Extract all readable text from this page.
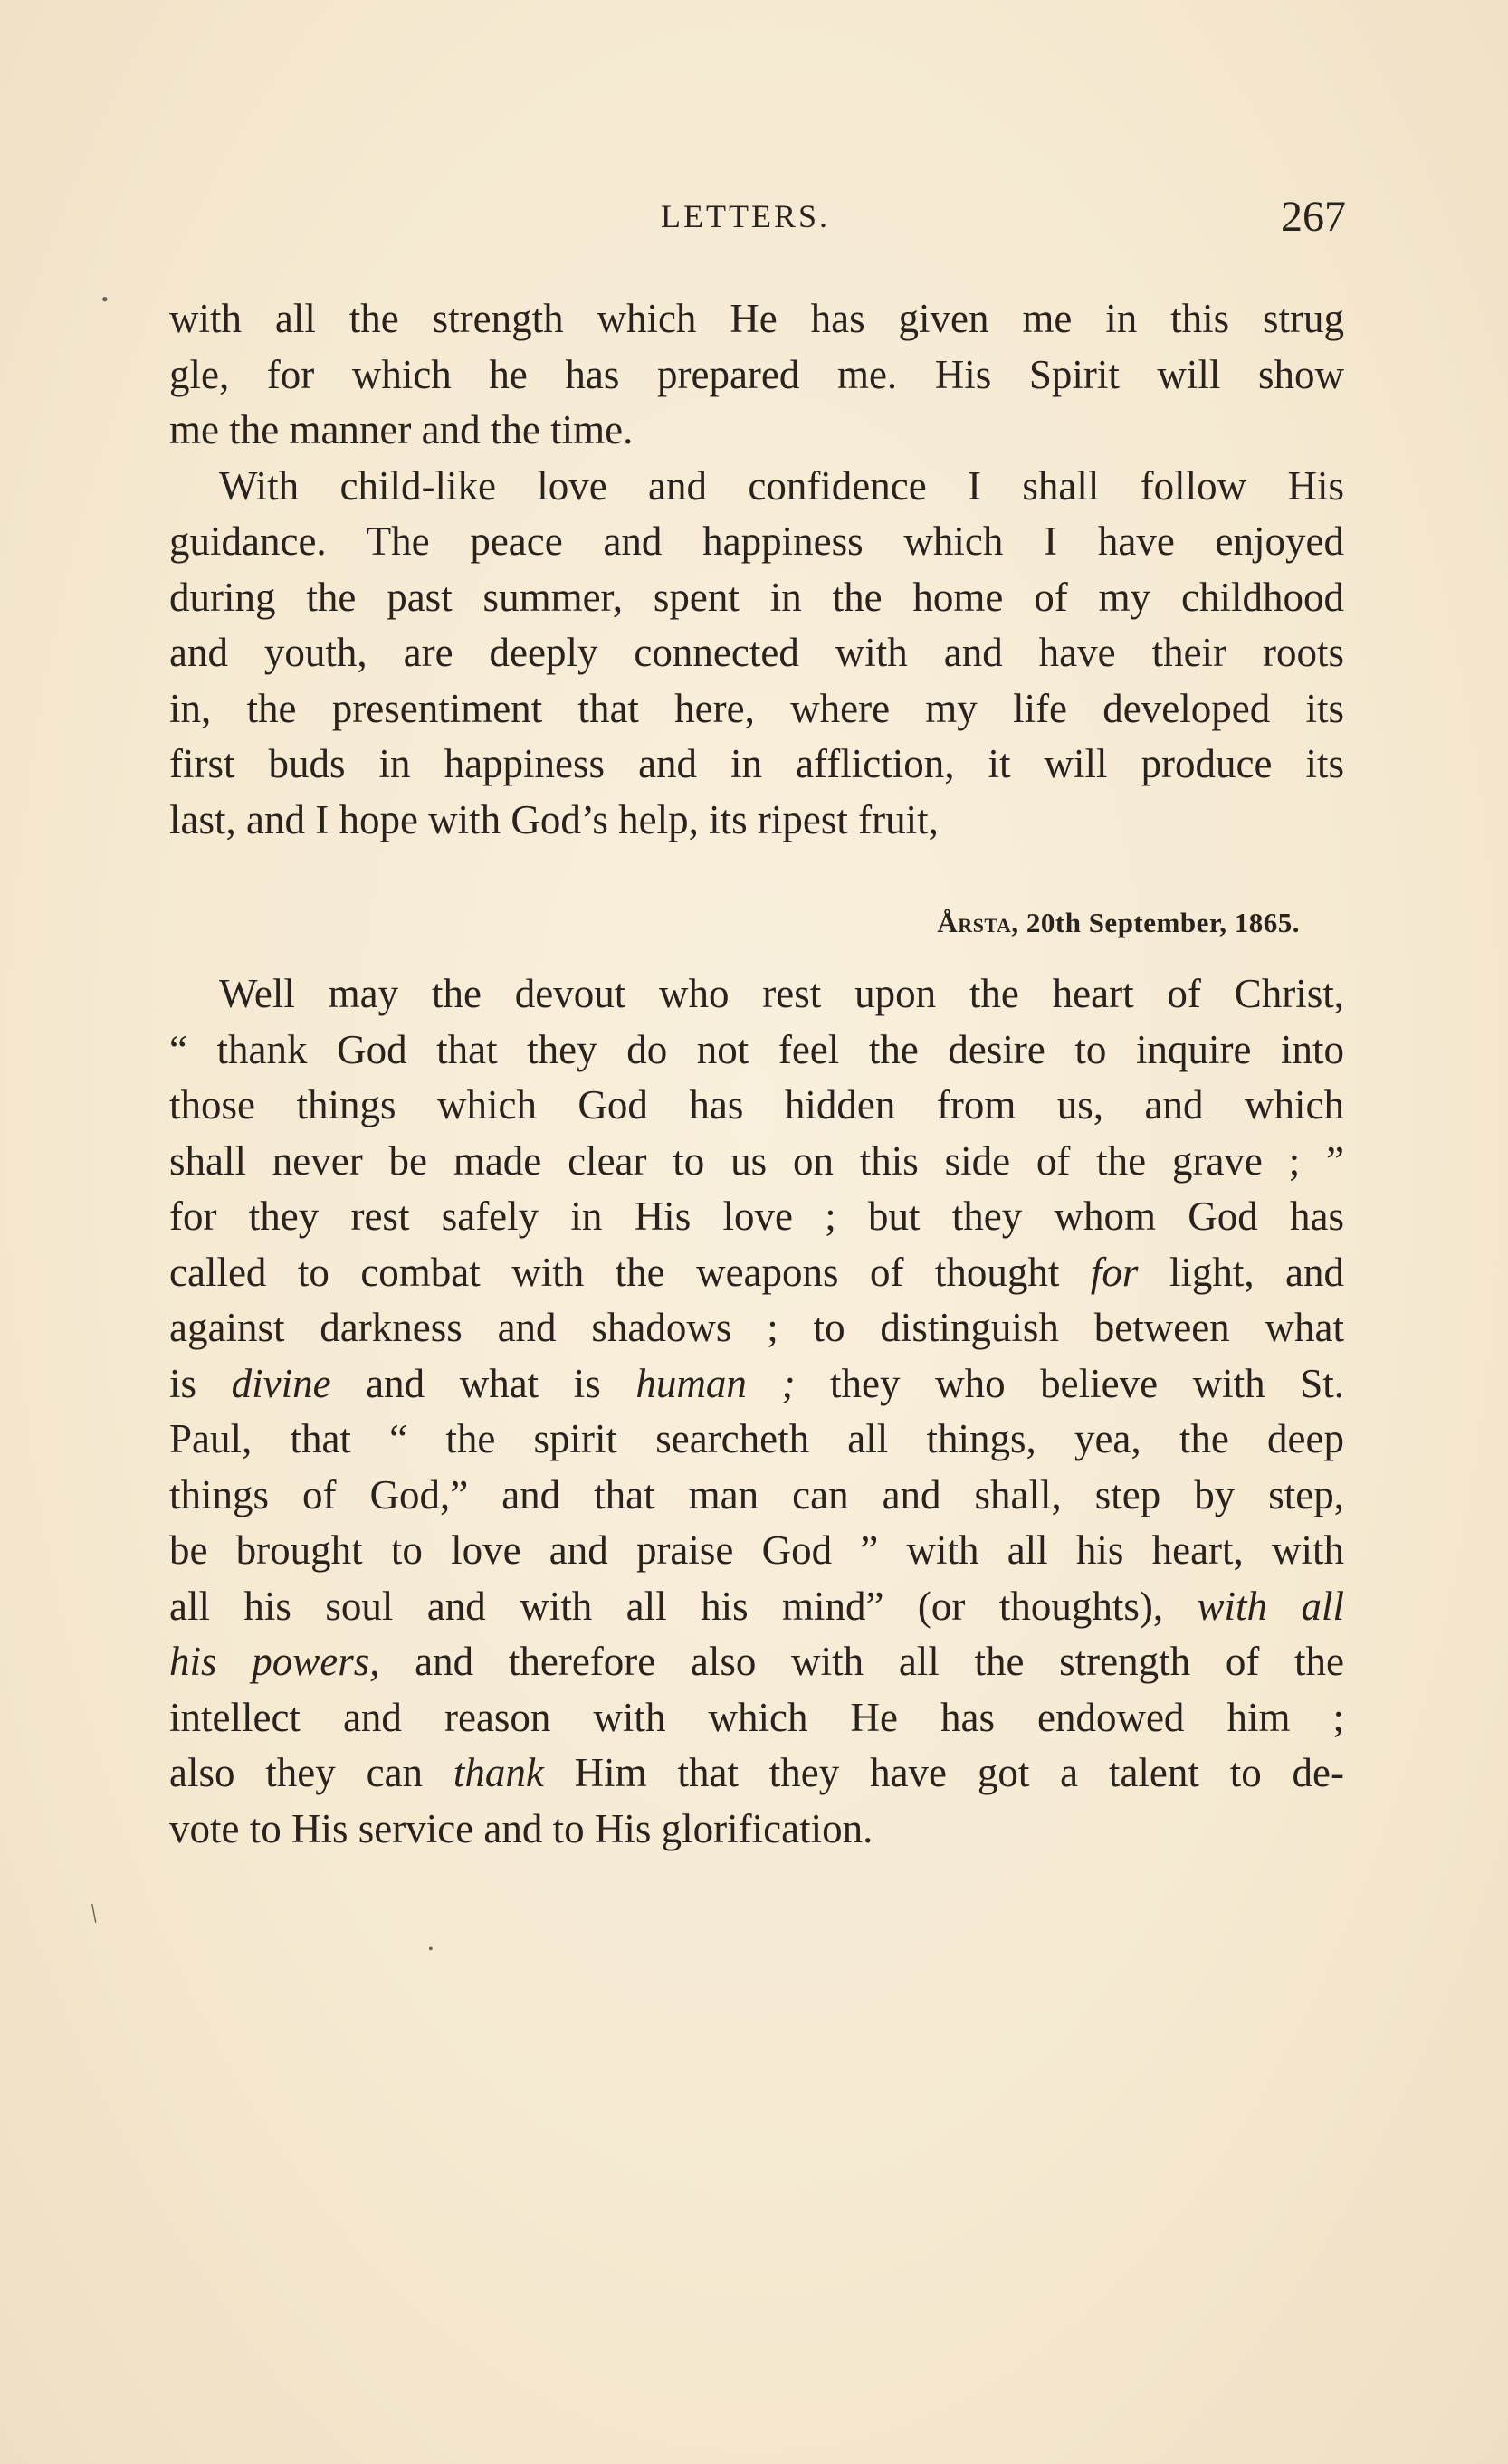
LETTERS.	267
• with all the strength which He has given me in this strug
gle, for which he has prepared me. His Spirit will show
me the manner and the time.
With child-like love and confidence I shall follow His
guidance. The peace and happiness which I have enjoyed
during the past summer, spent in the home of my childhood
and youth, are deeply connected with and have their roots
in, the presentiment that here, where my life developed its
first buds in happiness and in affliction, it will produce its
last, and I hope with God’s help, its ripest fruit,
Årsta, 20th September, 1865.
Well may the devout who rest upon the heart of Christ,
“ thank God that they do not feel the desire to inquire into
those things which God has hidden from us, and which
shall never be made clear to us on this side of the grave ; ”
for they rest safely in His love ; but they whom God has
called to combat with the weapons of thought for light, and
against darkness and shadows ; to distinguish between what
is divine and what is human ; they who believe with St.
Paul, that “ the spirit searcheth all things, yea, the deep
things of God,” and that man can and shall, step by step,
be brought to love and praise God ” with all his heart, with
all his soul and with all his mind” (or thoughts), with all
his powers, and therefore also with all the strength of the
intellect and reason with which He has endowed him ;
also they can thank Him that they have got a talent to de-
vote to His service and to His glorification.
/
•
